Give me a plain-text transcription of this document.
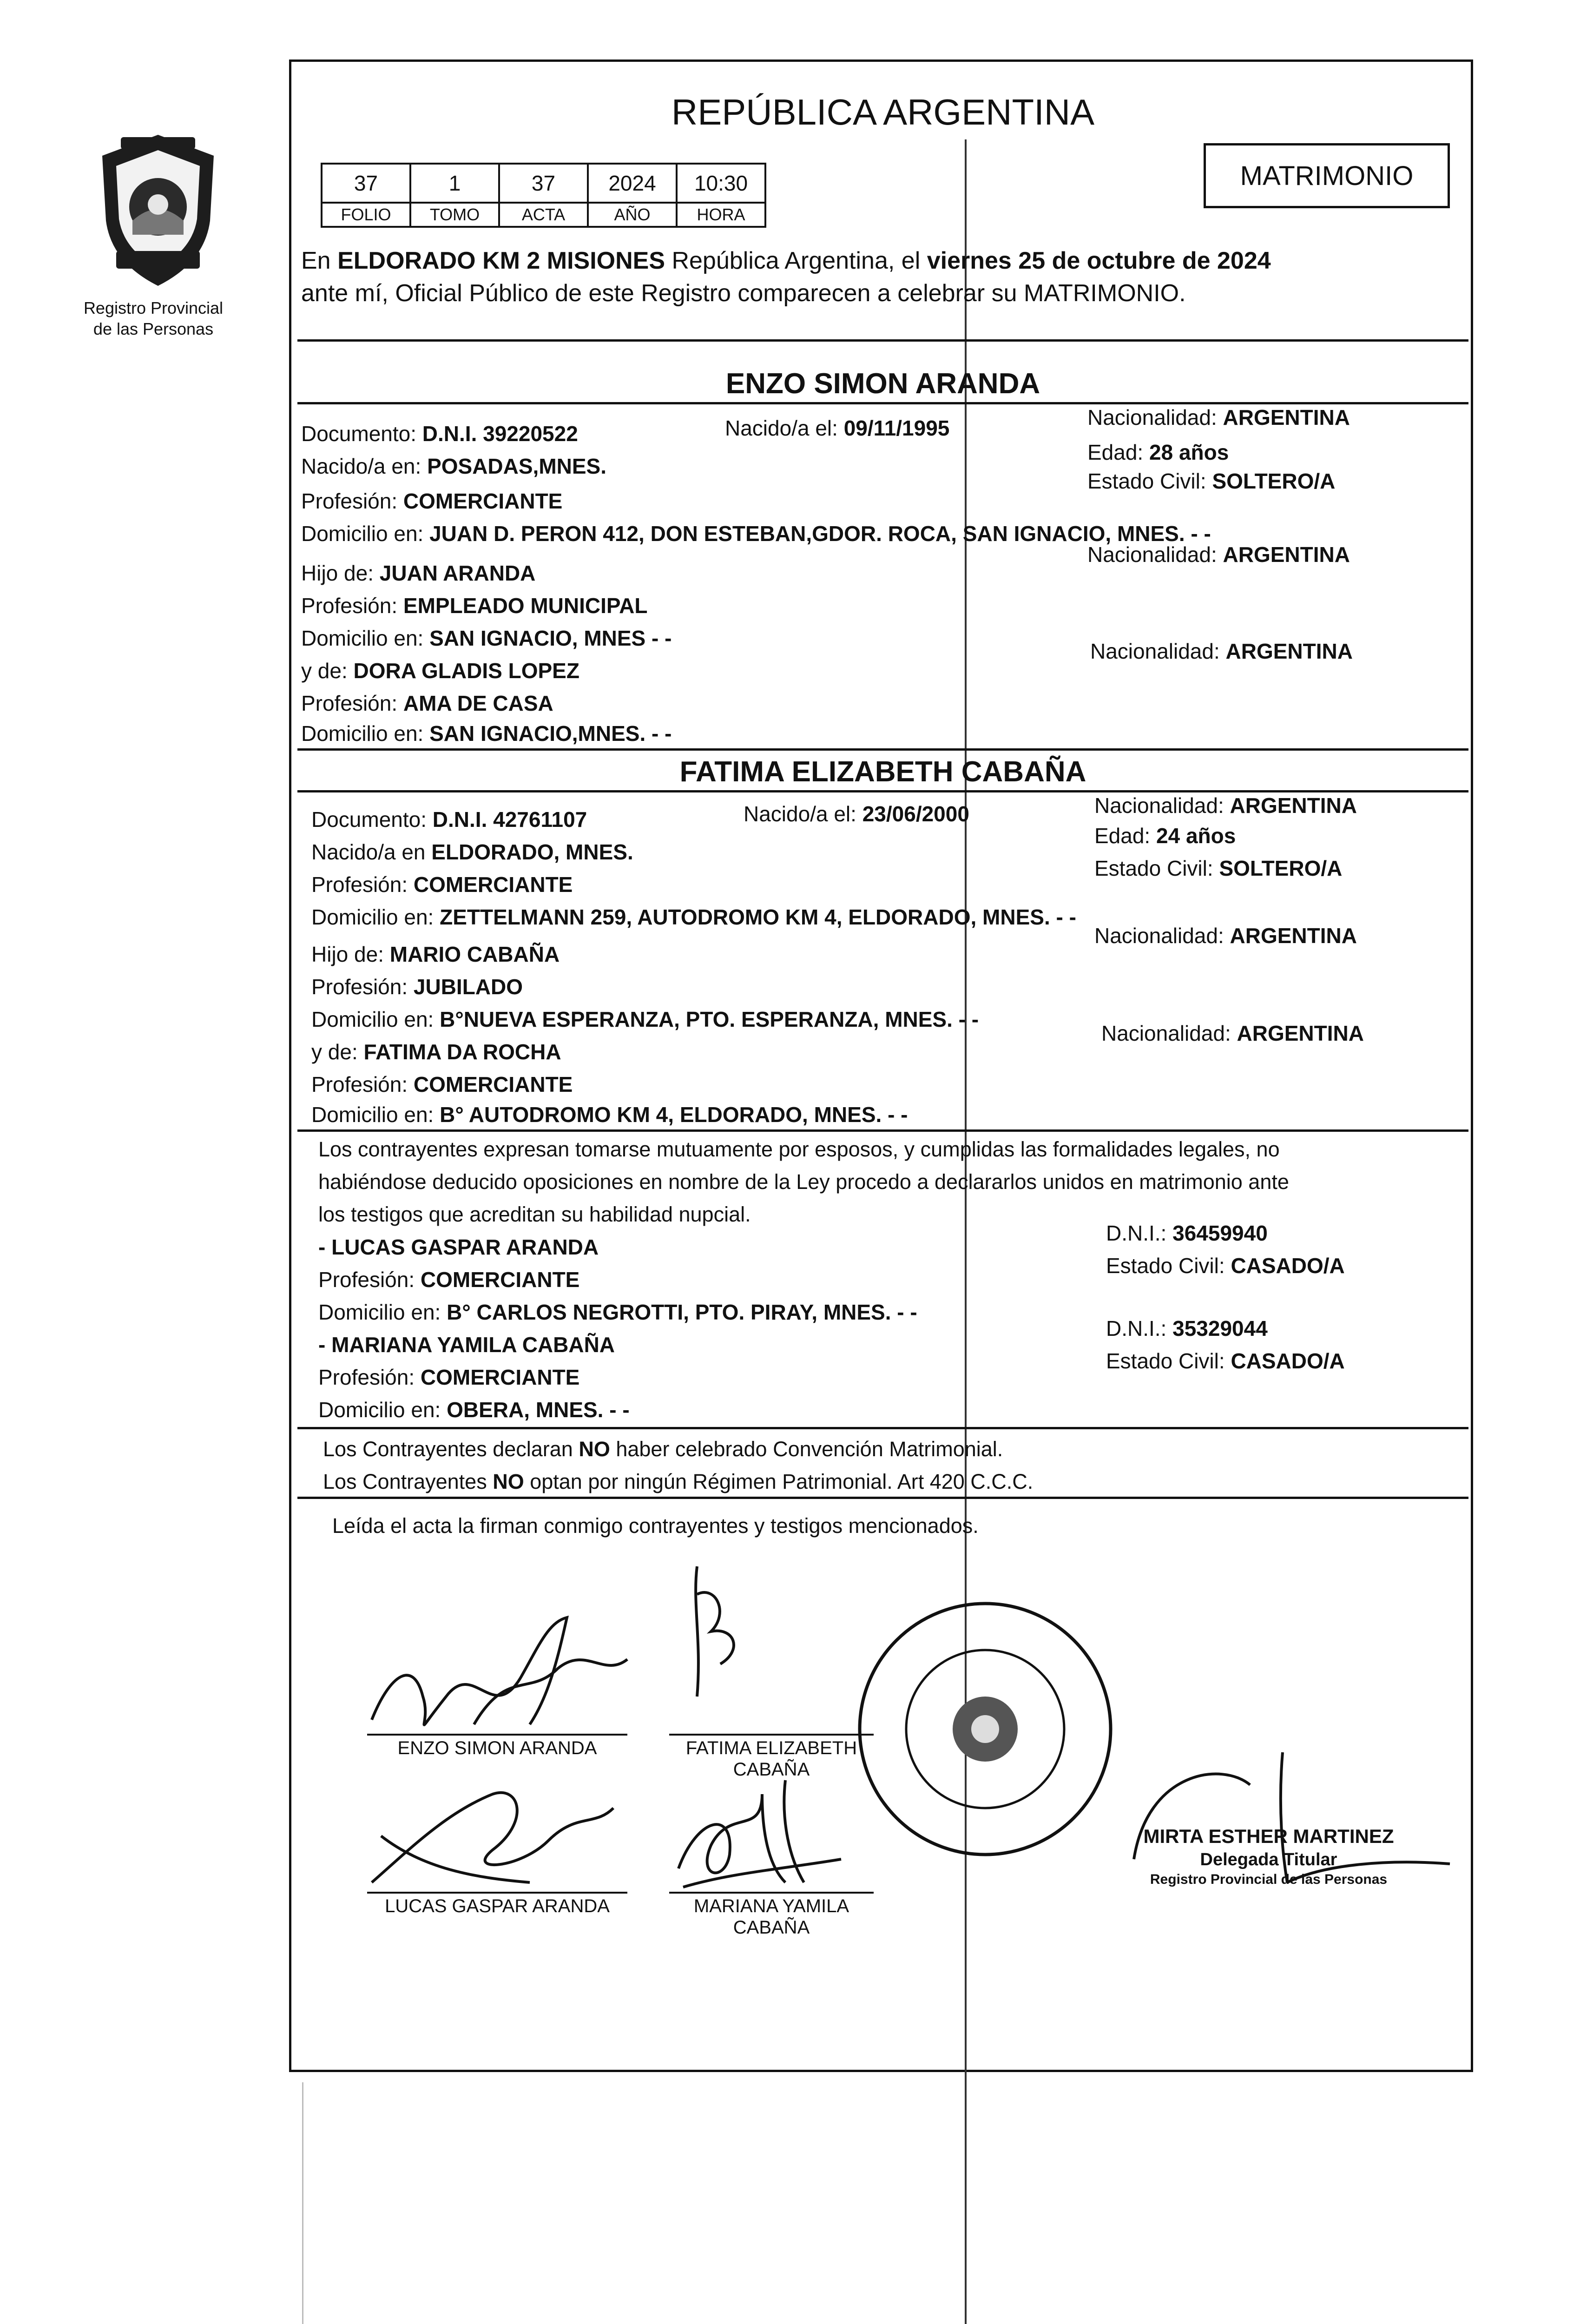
Registro Provincial
de las Personas
REPÚBLICA ARGENTINA
37	1	37	2024	10:30
FOLIO	TOMO	ACTA	AÑO	HORA
MATRIMONIO

En ELDORADO KM 2 MISIONES República Argentina, el viernes 25 de octubre de 2024

ante mí, Oficial Público de este Registro comparecen a celebrar su MATRIMONIO.

ENZO SIMON ARANDA

Documento: D.N.I. 39220522	Nacido/a el: 09/11/1995	Nacionalidad: ARGENTINA

Edad: 28 años

Nacido/a en: POSADAS,MNES.

Estado Civil: SOLTERO/A

Profesión: COMERCIANTE

Domicilio en: JUAN D. PERON 412, DON ESTEBAN,GDOR. ROCA, SAN IGNACIO, MNES. - -

Hijo de: JUAN ARANDA

Nacionalidad: ARGENTINA

Profesión: EMPLEADO MUNICIPAL

Domicilio en: SAN IGNACIO, MNES - -

y de: DORA GLADIS LOPEZ

Nacionalidad: ARGENTINA

Profesión: AMA DE CASA

Domicilio en: SAN IGNACIO,MNES. - -

FATIMA ELIZABETH CABAÑA

Documento: D.N.I. 42761107	Nacido/a el: 23/06/2000	Nacionalidad: ARGENTINA

Edad: 24 años

Nacido/a en ELDORADO, MNES.

Estado Civil: SOLTERO/A

Profesión: COMERCIANTE

Domicilio en: ZETTELMANN 259, AUTODROMO KM 4, ELDORADO, MNES. - -

Hijo de: MARIO CABAÑA

Nacionalidad: ARGENTINA

Profesión: JUBILADO

Domicilio en: B°NUEVA ESPERANZA, PTO. ESPERANZA, MNES. - -

y de: FATIMA DA ROCHA

Nacionalidad: ARGENTINA

Profesión: COMERCIANTE

Domicilio en: B° AUTODROMO KM 4, ELDORADO, MNES. - -

Los contrayentes expresan tomarse mutuamente por esposos, y cumplidas las formalidades legales, no

habiéndose deducido oposiciones en nombre de la Ley procedo a declararlos unidos en matrimonio ante

los testigos que acreditan su habilidad nupcial.

- LUCAS GASPAR ARANDA

D.N.I.: 36459940

Profesión: COMERCIANTE

Estado Civil: CASADO/A

Domicilio en: B° CARLOS NEGROTTI, PTO. PIRAY, MNES. - -

- MARIANA YAMILA CABAÑA

D.N.I.: 35329044

Profesión: COMERCIANTE

Estado Civil: CASADO/A

Domicilio en: OBERA, MNES. - -

Los Contrayentes declaran NO haber celebrado Convención Matrimonial.

Los Contrayentes NO optan por ningún Régimen Patrimonial. Art 420 C.C.C.

Leída el acta la firman conmigo contrayentes y testigos mencionados.

ENZO SIMON ARANDA	FATIMA ELIZABETH
CABAÑA
LUCAS GASPAR ARANDA	MARIANA YAMILA
CABAÑA
MIRTA ESTHER MARTINEZ
Delegada Titular
Registro Provincial de las Personas
